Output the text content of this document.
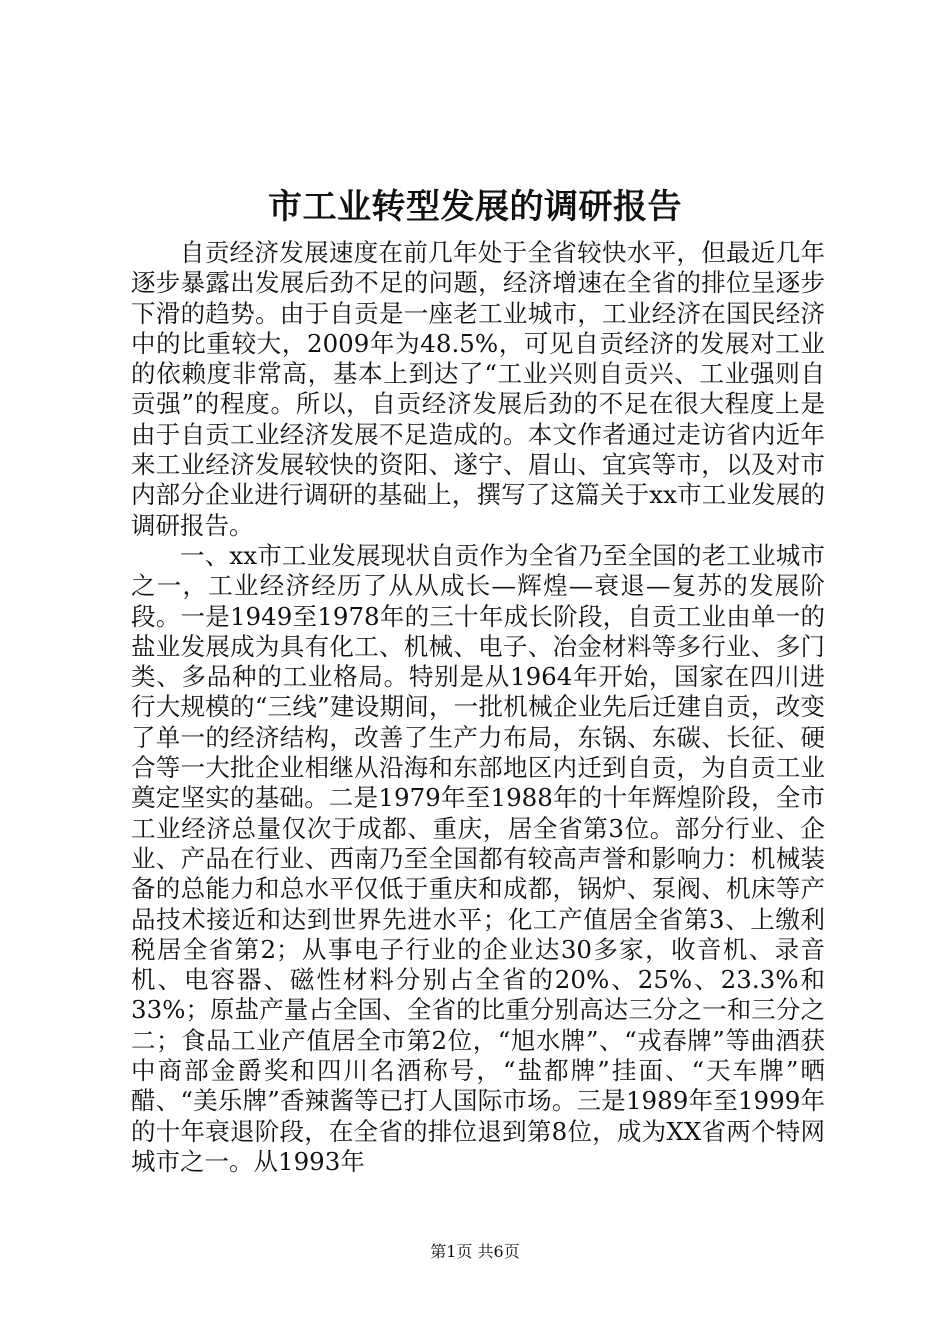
市工业转型发展的调研报告

自贡经济发展速度在前几年处于全省较快水平，但最近几年逐步暴露出发展后劲不足的问题，经济增速在全省的排位呈逐步下滑的趋势。由于自贡是一座老工业城市，工业经济在国民经济中的比重较大，2009年为48.5%，可见自贡经济的发展对工业的依赖度非常高，基本上到达了“工业兴则自贡兴、工业强则自贡强”的程度。所以，自贡经济发展后劲的不足在很大程度上是由于自贡工业经济发展不足造成的。本文作者通过走访省内近年来工业经济发展较快的资阳、遂宁、眉山、宜宾等市，以及对市内部分企业进行调研的基础上，撰写了这篇关于xx市工业发展的调研报告。

一、xx市工业发展现状自贡作为全省乃至全国的老工业城市之一，工业经济经历了从从成长—辉煌—衰退—复苏的发展阶段。一是1949至1978年的三十年成长阶段，自贡工业由单一的盐业发展成为具有化工、机械、电子、冶金材料等多行业、多门类、多品种的工业格局。特别是从1964年开始，国家在四川进行大规模的“三线”建设期间，一批机械企业先后迁建自贡，改变了单一的经济结构，改善了生产力布局，东锅、东碳、长征、硬合等一大批企业相继从沿海和东部地区内迁到自贡，为自贡工业奠定坚实的基础。二是1979年至1988年的十年辉煌阶段，全市工业经济总量仅次于成都、重庆，居全省第3位。部分行业、企业、产品在行业、西南乃至全国都有较高声誉和影响力：机械装备的总能力和总水平仅低于重庆和成都，锅炉、泵阀、机床等产品技术接近和达到世界先进水平；化工产值居全省第3、上缴利税居全省第2；从事电子行业的企业达30多家，收音机、录音机、电容器、磁性材料分别占全省的20%、25%、23.3%和33%；原盐产量占全国、全省的比重分别高达三分之一和三分之二；食品工业产值居全市第2位，“旭水牌”、“戎春牌”等曲酒获中商部金爵奖和四川名酒称号，“盐都牌”挂面、“天车牌”晒醋、“美乐牌”香辣酱等已打人国际市场。三是1989年至1999年的十年衰退阶段，在全省的排位退到第8位，成为XX省两个特网城市之一。从1993年

第1页 共6页
